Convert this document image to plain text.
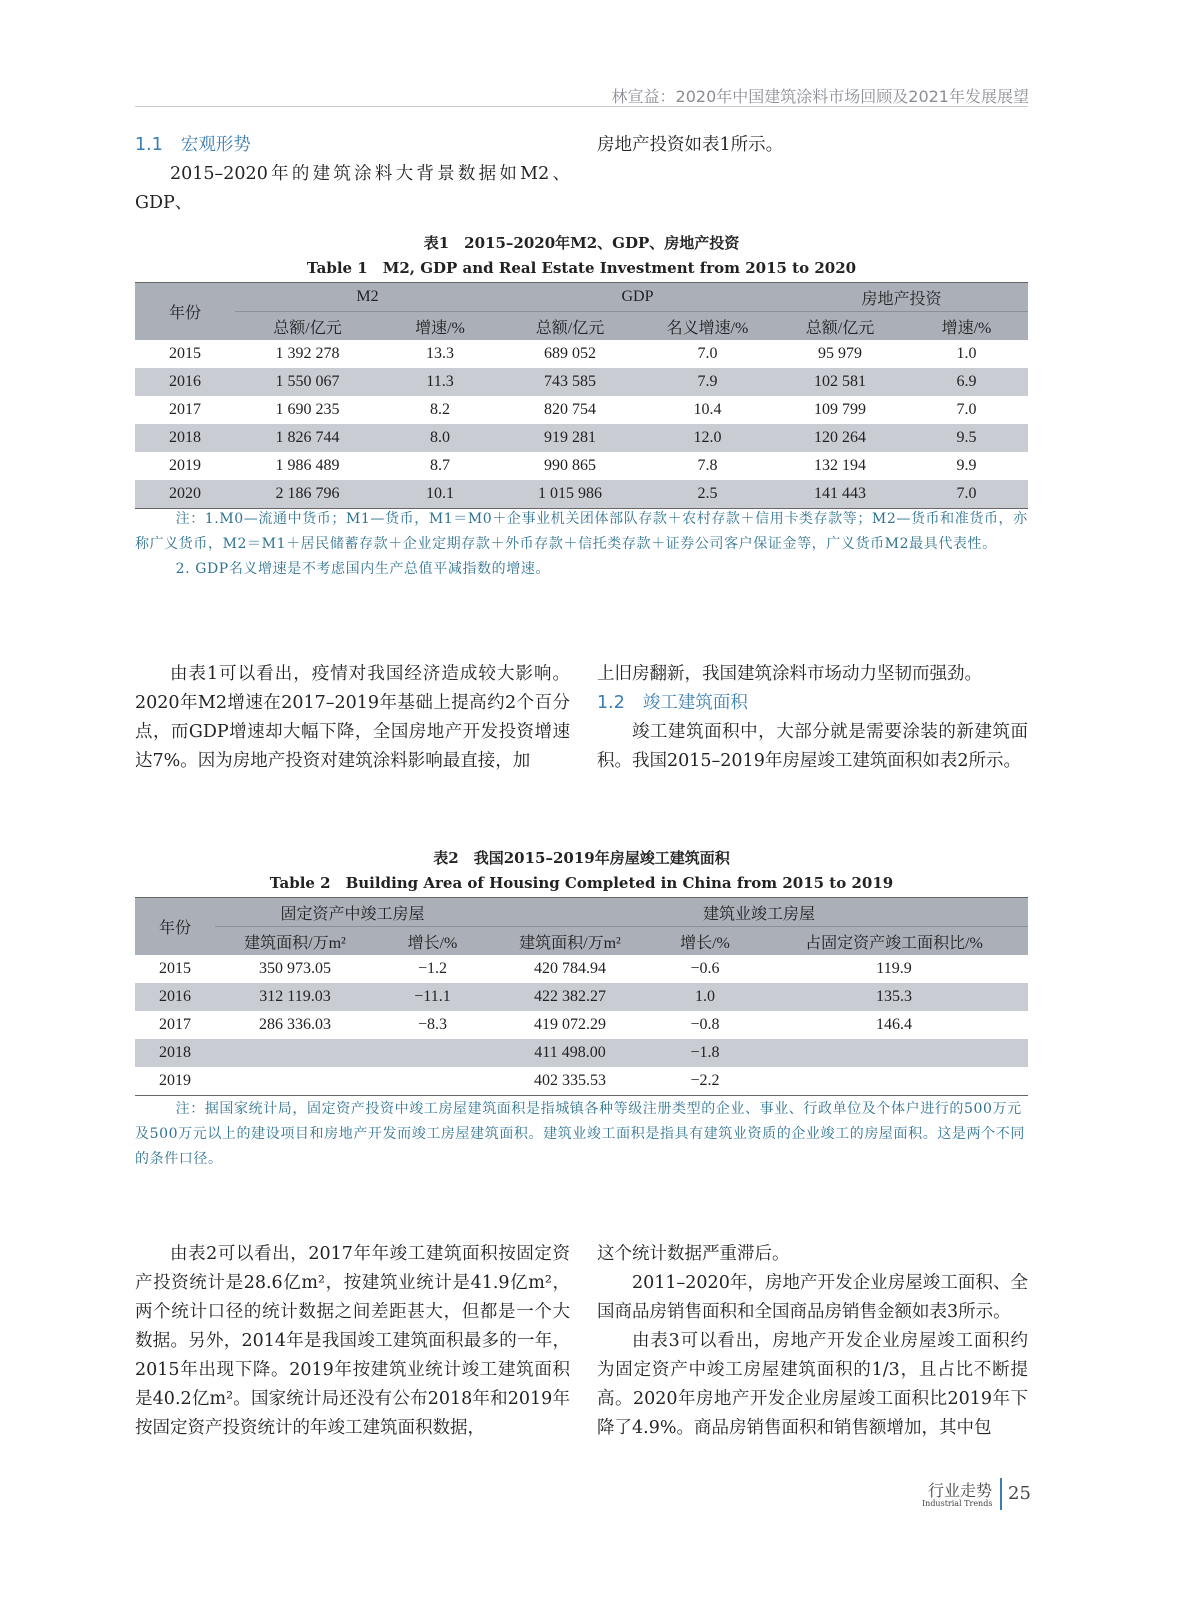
林宣益：2020年中国建筑涂料市场回顾及2021年发展展望
1.1 宏观形势

2015–2020年的建筑涂料大背景数据如M2、GDP、

房地产投资如表1所示。
表1　2015–2020年M2、GDP、房地产投资
Table 1　M2, GDP and Real Estate Investment from 2015 to 2020
年份	M2		GDP		房地产投资	
	总额/亿元	增速/%	总额/亿元	名义增速/%	总额/亿元	增速/%
2015	1 392 278	13.3	689 052	7.0	95 979	1.0
2016	1 550 067	11.3	743 585	7.9	102 581	6.9
2017	1 690 235	8.2	820 754	10.4	109 799	7.0
2018	1 826 744	8.0	919 281	12.0	120 264	9.5
2019	1 986 489	8.7	990 865	7.8	132 194	9.9
2020	2 186 796	10.1	1 015 986	2.5	141 443	7.0

注：1.M0—流通中货币；M1—货币，M1＝M0＋企事业机关团体部队存款＋农村存款＋信用卡类存款等；M2—货币和准货币，亦称广义货币，M2＝M1＋居民储蓄存款＋企业定期存款＋外币存款＋信托类存款＋证券公司客户保证金等，广义货币M2最具代表性。

2. GDP名义增速是不考虑国内生产总值平减指数的增速。

由表1可以看出，疫情对我国经济造成较大影响。2020年M2增速在2017–2019年基础上提高约2个百分点，而GDP增速却大幅下降，全国房地产开发投资增速达7%。因为房地产投资对建筑涂料影响最直接，加

上旧房翻新，我国建筑涂料市场动力坚韧而强劲。
1.2 竣工建筑面积

竣工建筑面积中，大部分就是需要涂装的新建筑面积。我国2015–2019年房屋竣工建筑面积如表2所示。

表2　我国2015–2019年房屋竣工建筑面积
Table 2　Building Area of Housing Completed in China from 2015 to 2019
年份	固定资产中竣工房屋		建筑业竣工房屋		
	建筑面积/万m²	增长/%	建筑面积/万m²	增长/%	占固定资产竣工面积比/%
2015	350 973.05	−1.2	420 784.94	−0.6	119.9
2016	312 119.03	−11.1	422 382.27	1.0	135.3
2017	286 336.03	−8.3	419 072.29	−0.8	146.4
2018			411 498.00	−1.8	
2019			402 335.53	−2.2	

注：据国家统计局，固定资产投资中竣工房屋建筑面积是指城镇各种等级注册类型的企业、事业、行政单位及个体户进行的500万元及500万元以上的建设项目和房地产开发而竣工房屋建筑面积。建筑业竣工面积是指具有建筑业资质的企业竣工的房屋面积。这是两个不同的条件口径。

由表2可以看出，2017年年竣工建筑面积按固定资产投资统计是28.6亿m²，按建筑业统计是41.9亿m²，两个统计口径的统计数据之间差距甚大，但都是一个大数据。另外，2014年是我国竣工建筑面积最多的一年，2015年出现下降。2019年按建筑业统计竣工建筑面积是40.2亿m²。国家统计局还没有公布2018年和2019年按固定资产投资统计的年竣工建筑面积数据，

这个统计数据严重滞后。

2011–2020年，房地产开发企业房屋竣工面积、全国商品房销售面积和全国商品房销售金额如表3所示。

由表3可以看出，房地产开发企业房屋竣工面积约为固定资产中竣工房屋建筑面积的1/3，且占比不断提高。2020年房地产开发企业房屋竣工面积比2019年下降了4.9%。商品房销售面积和销售额增加，其中包

行业走势
Industrial Trends 25
